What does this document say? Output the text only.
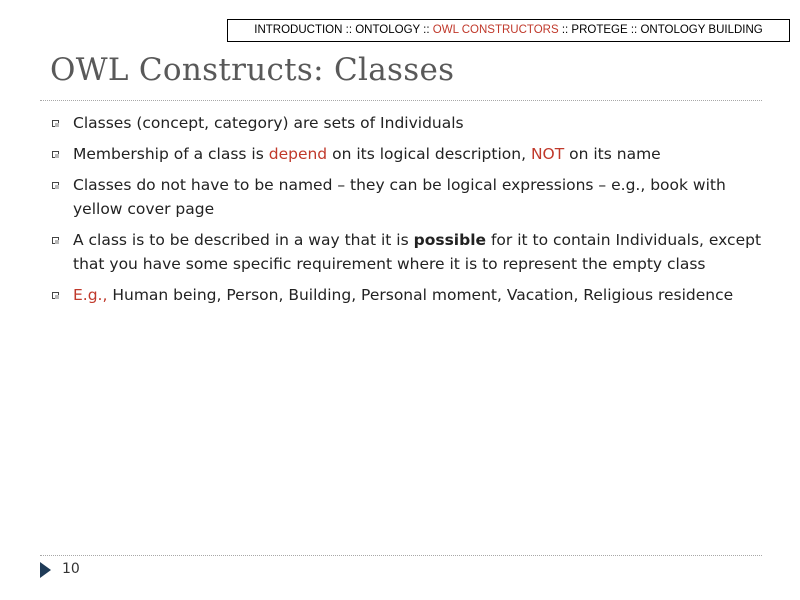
INTRODUCTION :: ONTOLOGY :: OWL CONSTRUCTORS :: PROTEGE :: ONTOLOGY BUILDING
OWL Constructs: Classes
Classes (concept, category) are sets of Individuals
Membership of a class is depend on its logical description, NOT on its name
Classes do not have to be named – they can be logical expressions – e.g., book with yellow cover page
A class is to be described in a way that it is possible for it to contain Individuals, except that you have some specific requirement where it is to represent the empty class
E.g., Human being, Person, Building, Personal moment, Vacation, Religious residence
10
